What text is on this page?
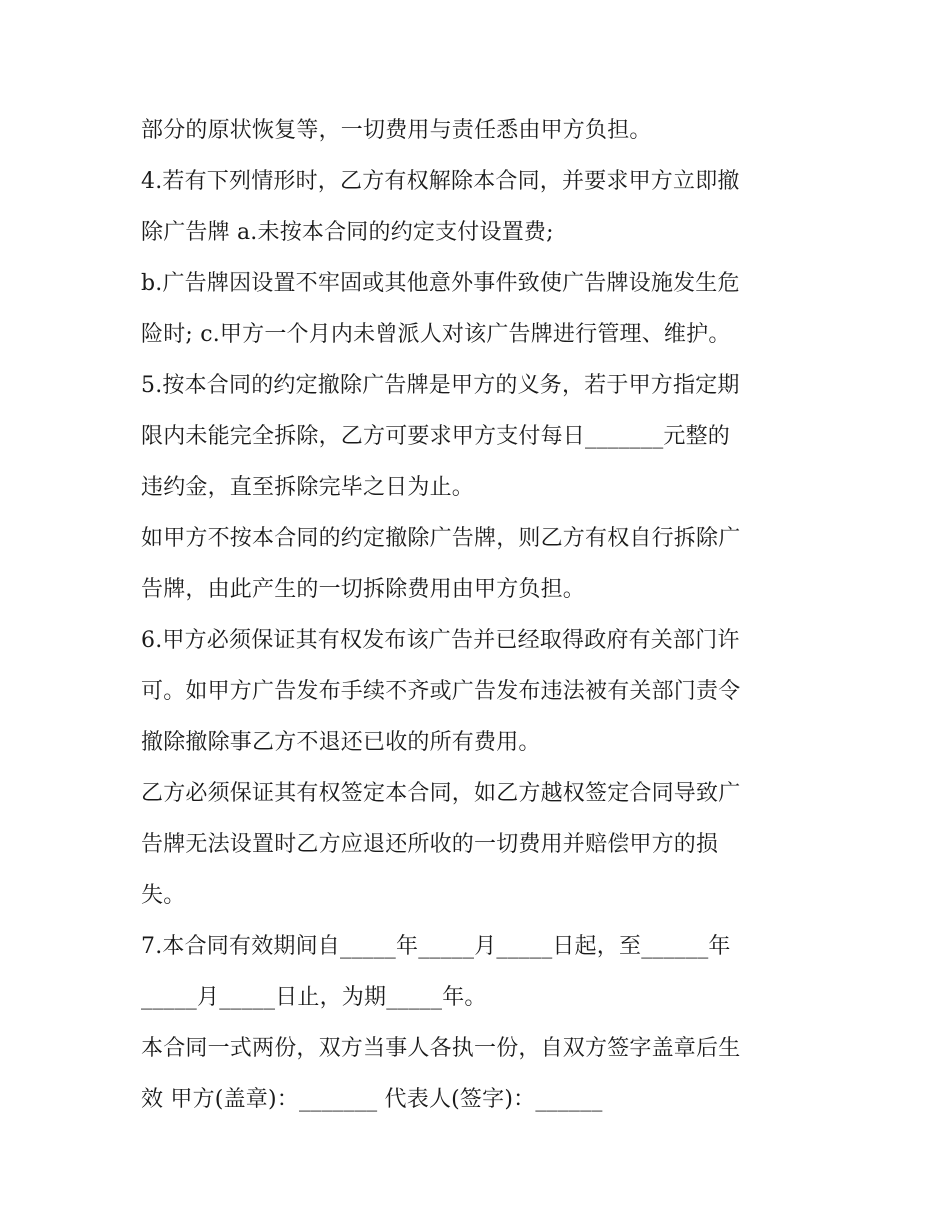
部分的原状恢复等，一切费用与责任悉由甲方负担。
4.若有下列情形时，乙方有权解除本合同，并要求甲方立即撤
除广告牌 a.未按本合同的约定支付设置费;
b.广告牌因设置不牢固或其他意外事件致使广告牌设施发生危
险时; c.甲方一个月内未曾派人对该广告牌进行管理、维护。
5.按本合同的约定撤除广告牌是甲方的义务，若于甲方指定期
限内未能完全拆除，乙方可要求甲方支付每日_______元整的
违约金，直至拆除完毕之日为止。
如甲方不按本合同的约定撤除广告牌，则乙方有权自行拆除广
告牌，由此产生的一切拆除费用由甲方负担。
6.甲方必须保证其有权发布该广告并已经取得政府有关部门许
可。如甲方广告发布手续不齐或广告发布违法被有关部门责令
撤除撤除事乙方不退还已收的所有费用。
乙方必须保证其有权签定本合同，如乙方越权签定合同导致广
告牌无法设置时乙方应退还所收的一切费用并赔偿甲方的损
失。
7.本合同有效期间自_____年_____月_____日起，至______年
_____月_____日止，为期_____年。
本合同一式两份，双方当事人各执一份，自双方签字盖章后生
效 甲方(盖章)：_______ 代表人(签字)：______
